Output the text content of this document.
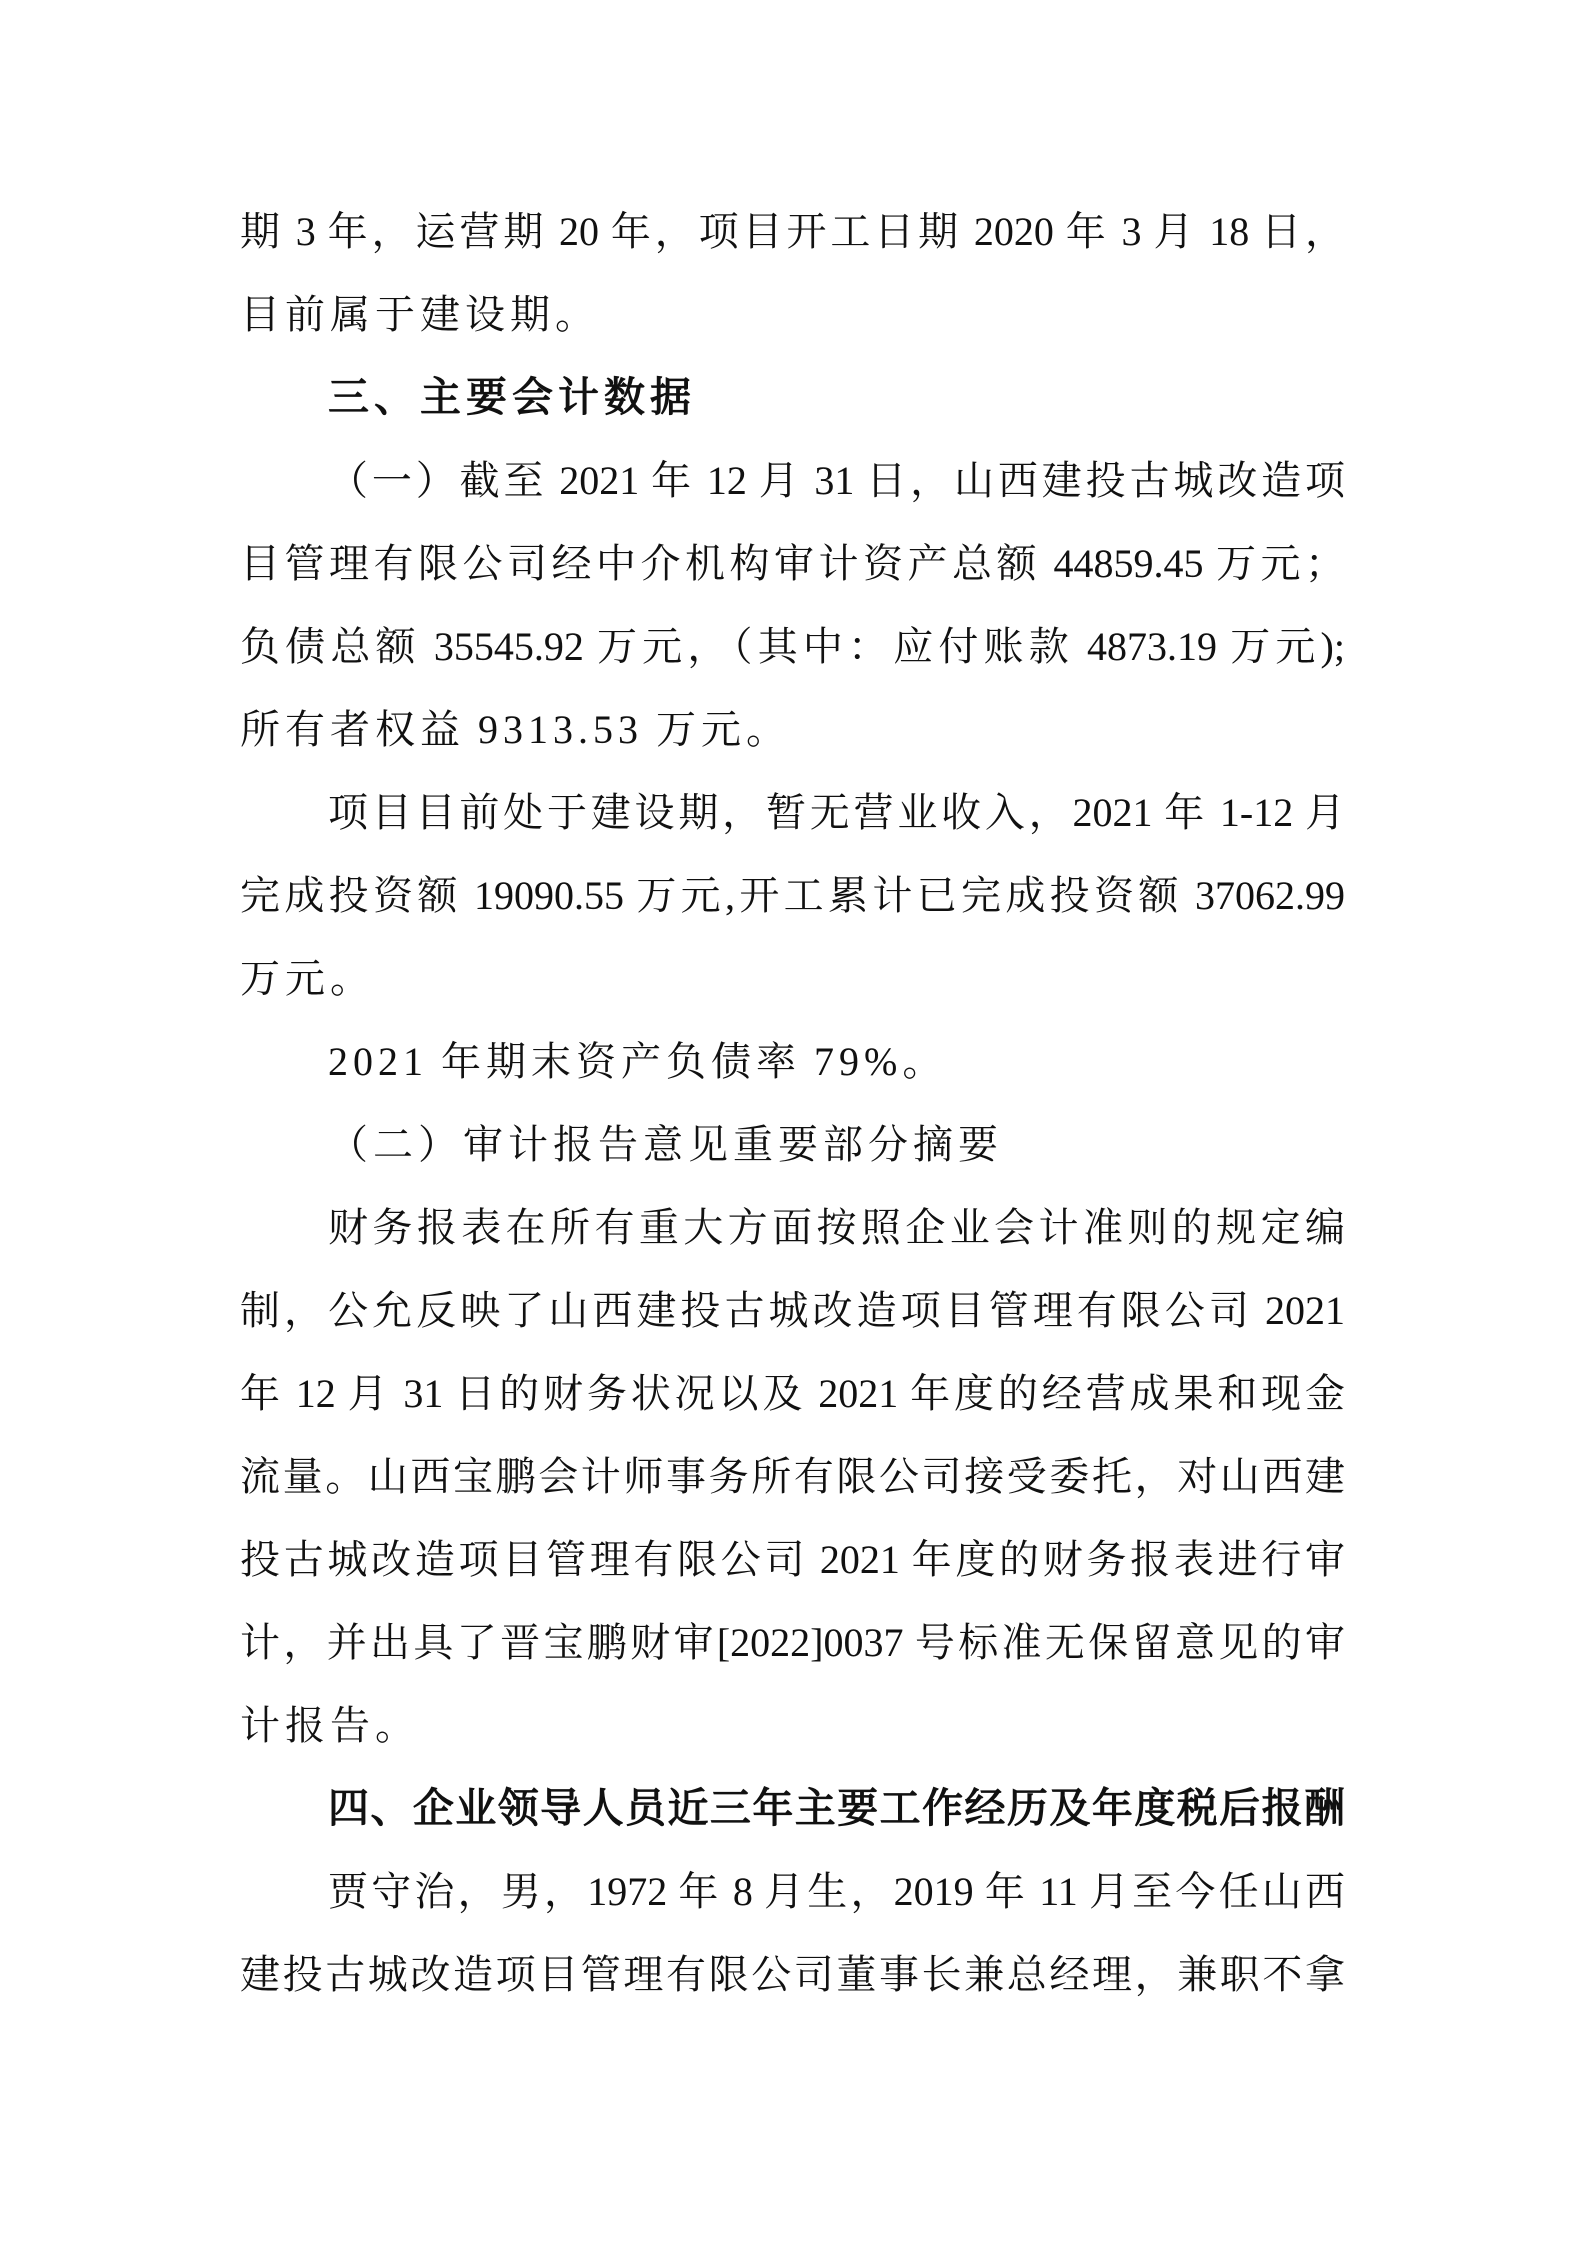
期 3 年，运营期 20 年，项目开工日期 2020 年 3 月 18 日，
目前属于建设期。
三、主要会计数据
（一）截至 2021 年 12 月 31 日，山西建投古城改造项
目管理有限公司经中介机构审计资产总额 44859.45 万元；
负债总额 35545.92 万元，（其中：应付账款 4873.19 万元);
所有者权益 9313.53 万元。
项目目前处于建设期，暂无营业收入，2021 年 1-12 月
完成投资额 19090.55 万元,开工累计已完成投资额 37062.99
万元。
2021 年期末资产负债率 79%。
（二）审计报告意见重要部分摘要
财务报表在所有重大方面按照企业会计准则的规定编
制，公允反映了山西建投古城改造项目管理有限公司 2021
年 12 月 31 日的财务状况以及 2021 年度的经营成果和现金
流量。山西宝鹏会计师事务所有限公司接受委托，对山西建
投古城改造项目管理有限公司 2021 年度的财务报表进行审
计，并出具了晋宝鹏财审[2022]0037 号标准无保留意见的审
计报告。
四、企业领导人员近三年主要工作经历及年度税后报酬
贾守治，男，1972 年 8 月生，2019 年 11 月至今任山西
建投古城改造项目管理有限公司董事长兼总经理，兼职不拿
